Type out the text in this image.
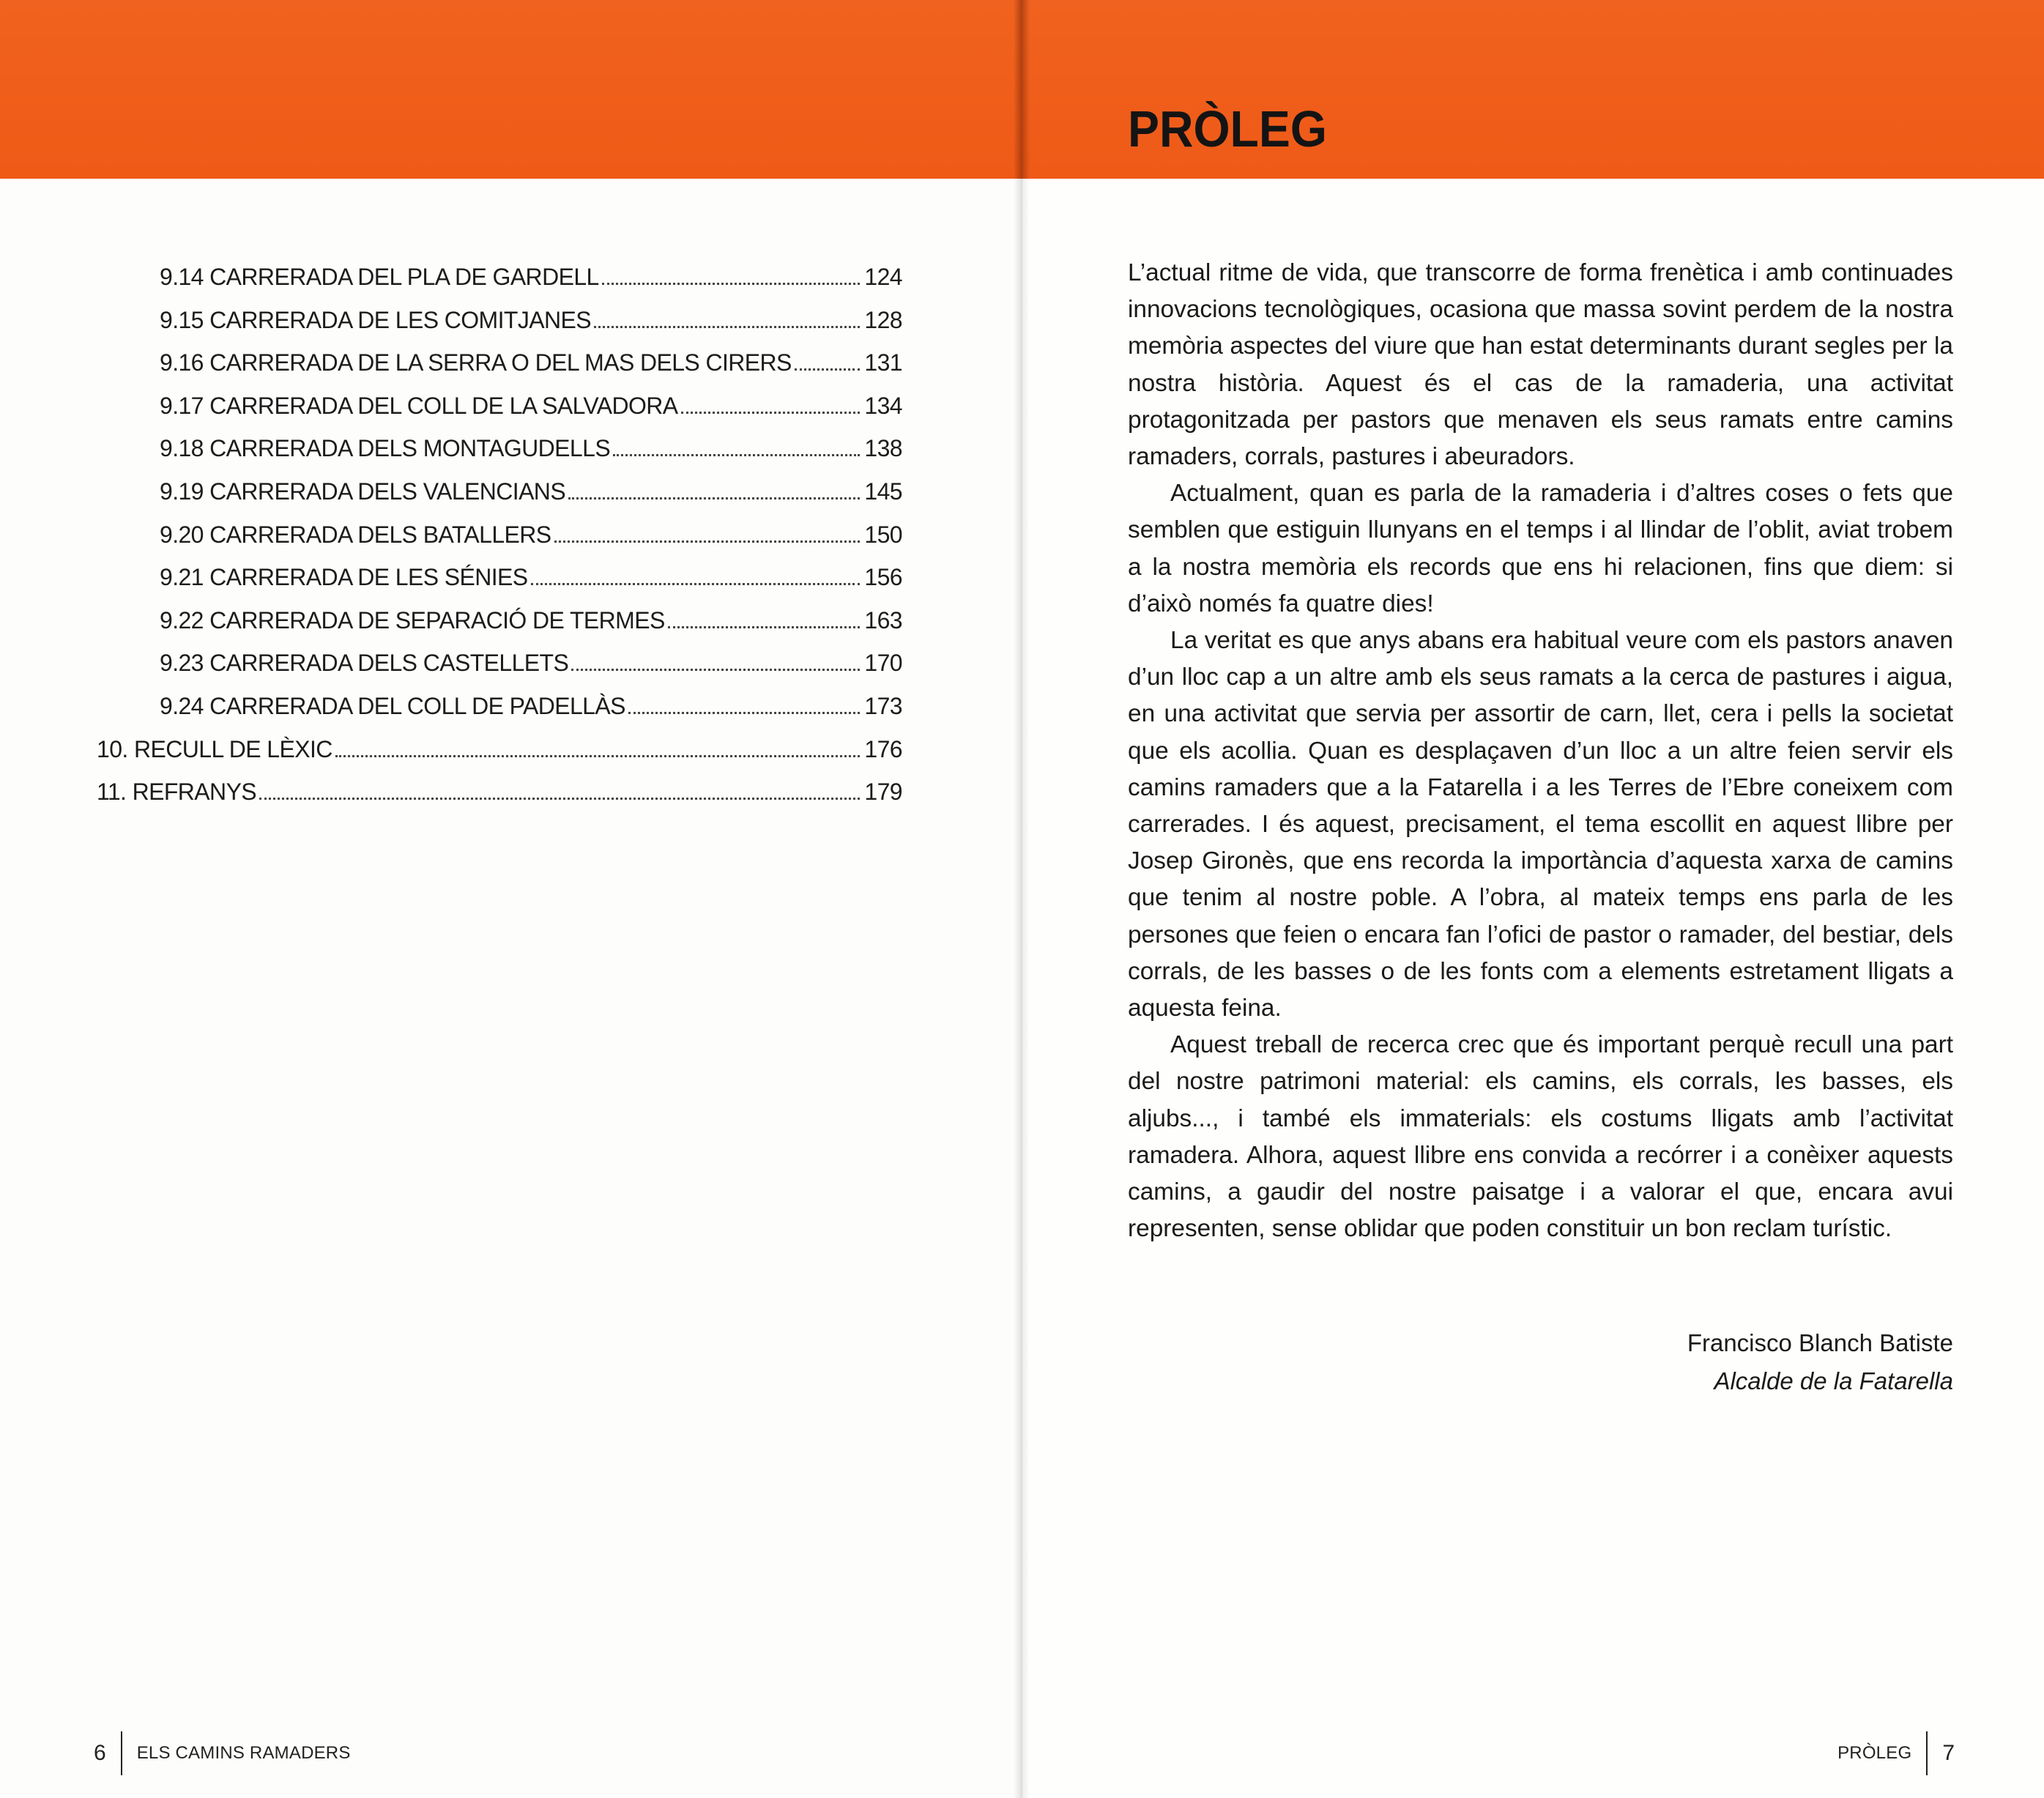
9.14 CARRERADA DEL PLA DE GARDELL	124
9.15 CARRERADA DE LES COMITJANES	128
9.16 CARRERADA DE LA SERRA O DEL MAS DELS CIRERS	131
9.17 CARRERADA DEL COLL DE LA SALVADORA	134
9.18 CARRERADA DELS MONTAGUDELLS	138
9.19 CARRERADA DELS VALENCIANS	145
9.20 CARRERADA DELS BATALLERS	150
9.21 CARRERADA DE LES SÉNIES	156
9.22 CARRERADA DE SEPARACIÓ DE TERMES	163
9.23 CARRERADA DELS CASTELLETS	170
9.24 CARRERADA DEL COLL DE PADELLÀS	173
10. RECULL DE LÈXIC	176
11. REFRANYS	179
6 ELS CAMINS RAMADERS
PRÒLEG

L’actual ritme de vida, que transcorre de forma frenètica i amb continuades innovacions tecnològiques, ocasiona que massa sovint perdem de la nostra memòria aspectes del viure que han estat determinants durant segles per la nostra història. Aquest és el cas de la ramaderia, una activitat protagonitzada per pastors que menaven els seus ramats entre camins ramaders, corrals, pastures i abeuradors.

Actualment, quan es parla de la ramaderia i d’altres coses o fets que semblen que estiguin llunyans en el temps i al llindar de l’oblit, aviat trobem a la nostra memòria els records que ens hi relacionen, fins que diem: si d’això només fa quatre dies!

La veritat es que anys abans era habitual veure com els pastors anaven d’un lloc cap a un altre amb els seus ramats a la cerca de pastures i aigua, en una activitat que servia per assortir de carn, llet, cera i pells la societat que els acollia. Quan es desplaçaven d’un lloc a un altre feien servir els camins ramaders que a la Fatarella i a les Terres de l’Ebre coneixem com carrerades. I és aquest, precisament, el tema escollit en aquest llibre per Josep Gironès, que ens recorda la importància d’aquesta xarxa de camins que tenim al nostre poble. A l’obra, al mateix temps ens parla de les persones que feien o encara fan l’ofici de pastor o ramader, del bestiar, dels corrals, de les basses o de les fonts com a elements estretament lligats a aquesta feina.

Aquest treball de recerca crec que és important perquè recull una part del nostre patrimoni material: els camins, els corrals, les basses, els aljubs..., i també els immaterials: els costums lligats amb l’activitat ramadera. Alhora, aquest llibre ens convida a recórrer i a conèixer aquests camins, a gaudir del nostre paisatge i a valorar el que, encara avui representen, sense oblidar que poden constituir un bon reclam turístic.

Francisco Blanch Batiste
Alcalde de la Fatarella
PRÒLEG 7
